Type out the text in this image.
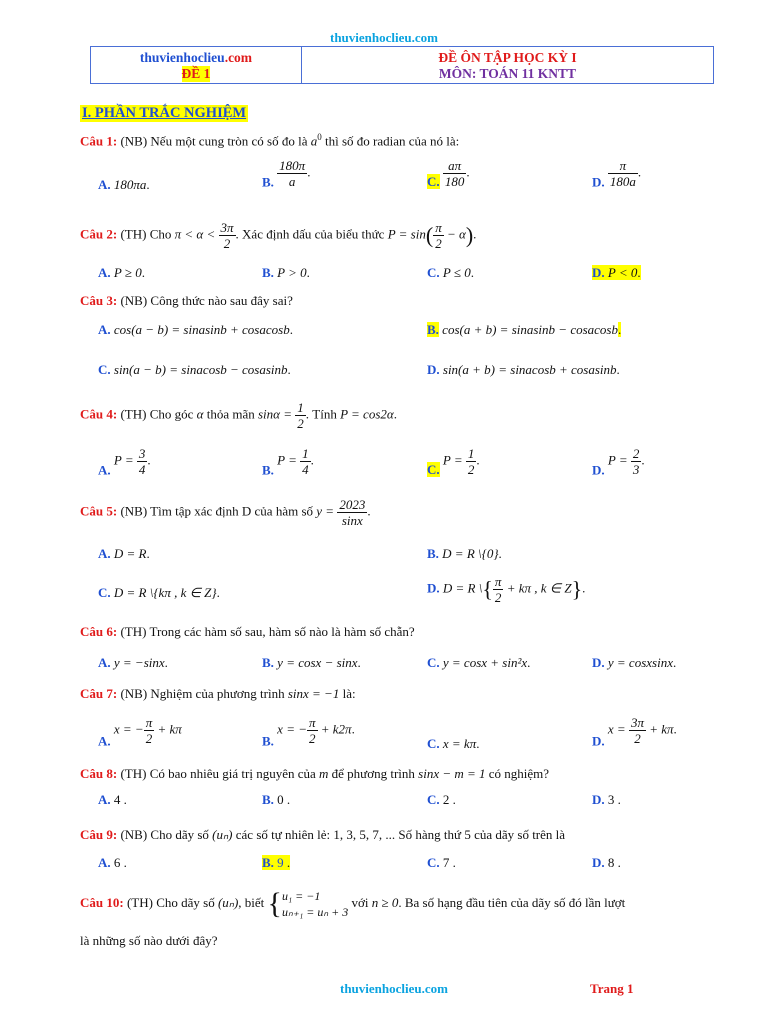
thuvienhoclieu.com
thuvienhoclieu.com
ĐỀ 1
ĐỀ ÔN TẬP HỌC KỲ I
MÔN: TOÁN 11 KNTT
I. PHẦN TRẮC NGHIỆM
Câu 1: (NB) Nếu một cung tròn có số đo là $a^0$ thì số đo radian của nó là:
A. 180πa.	B. $\frac{180\pi}{a}$ .
C. $\frac{a\pi}{180}$ .
D. $\frac{\pi}{180a}$ .
Câu 2: (TH) Cho $\pi < \alpha < \frac{3\pi}{2}$ . Xác định dấu của biểu thức $P = \sin( \frac{\pi}{2} - \alpha)$.
A. P ≥ 0.	B. P > 0.	C. P ≤ 0.	D. P < 0.
Câu 3: (NB) Công thức nào sau đây sai?
A. cos(a − b) = sinasinb + cosacosb.	B. cos(a + b) = sinasinb − cosacosb.
C. sin(a − b) = sinacosb − cosasinb.	D. sin(a + b) = sinacosb + cosasinb.
Câu 4: (TH) Cho góc α thỏa mãn $\sin\alpha = \frac{1}{2}$ . Tính P = cos2α.
A. $P = \frac{3}{4}$ .
B. $P = \frac{1}{4}$ .
C. $P = \frac{1}{2}$ .
D. $P = \frac{2}{3}$ .
Câu 5: (NB) Tìm tập xác định D của hàm số $y = \frac{2023}{\sin x}$ .
A. D = R.	B. D = R \{0}.
C. D = R \{kπ , k ∈ Z}.	D. D = R \{ $\frac{\pi}{2} + k\pi$ , k ∈ Z}.
Câu 6: (TH) Trong các hàm số sau, hàm số nào là hàm số chẵn?
A. y = −sinx.	B. y = cosx − sinx.	C. y = cosx + sin²x.	D. y = cosxsinx.
Câu 7: (NB) Nghiệm của phương trình sinx = −1 là:
A. x = − $\frac{\pi}{2} + k\pi$
B. x = − $\frac{\pi}{2} + k2\pi$.
C. x = kπ.	D. $x = \frac{3\pi}{2} + k\pi$.
Câu 8: (TH) Có bao nhiêu giá trị nguyên của m để phương trình sinx − m = 1 có nghiệm?
A. 4 .	B. 0 .	C. 2 .	D. 3 .
Câu 9: (NB) Cho dãy số (uₙ) các số tự nhiên lẻ: 1, 3, 5, 7, ... Số hàng thứ 5 của dãy số trên là
A. 6 .	B. 9 .	C. 7 .	D. 8 .
Câu 10: (TH) Cho dãy số (uₙ), biết { u₁ = −1
uₙ₊₁ = uₙ + 3
với n ≥ 0. Ba số hạng đầu tiên của dãy số đó lần lượt
là những số nào dưới đây?
thuvienhoclieu.com	Trang 1
